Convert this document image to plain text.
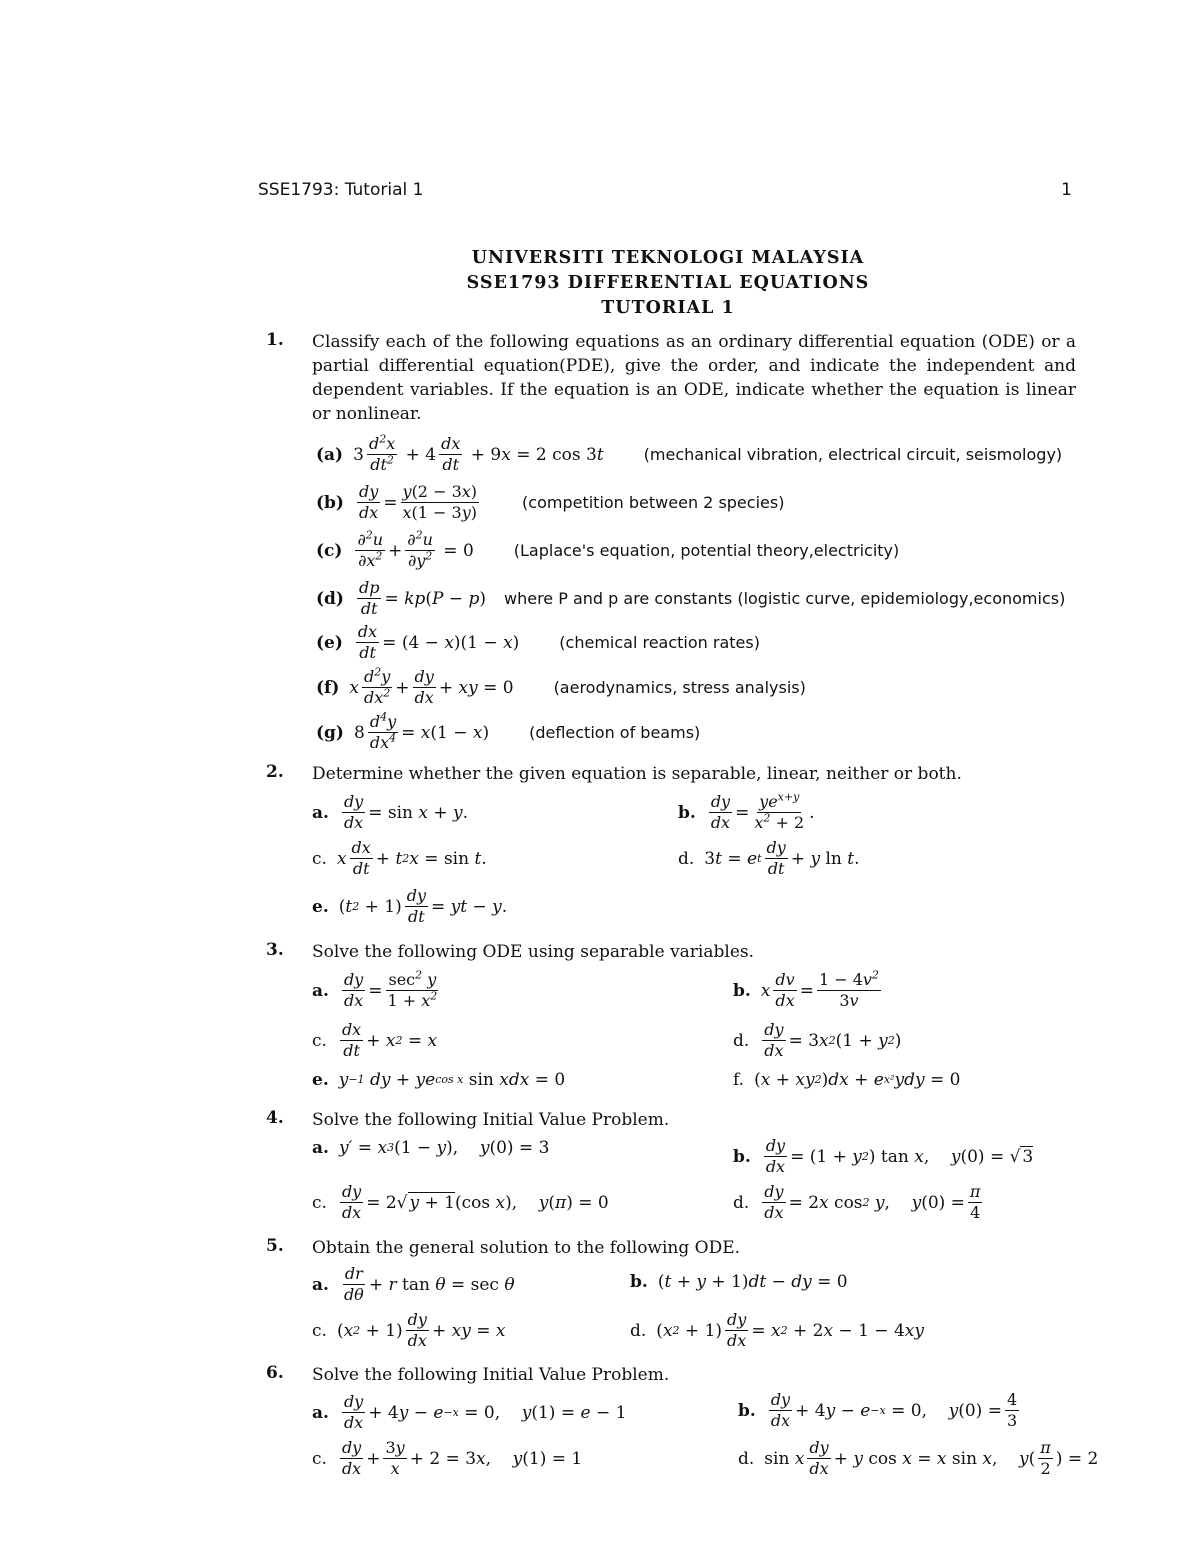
SSE1793: Tutorial 1	1
UNIVERSITI TEKNOLOGI MALAYSIA
SSE1793 DIFFERENTIAL EQUATIONS
TUTORIAL 1
1. Classify each of the following equations as an ordinary differential equation (ODE) or a partial differential equation(PDE), give the order, and indicate the independent and dependent variables. If the equation is an ODE, indicate whether the equation is linear or nonlinear.
(a) $3 \frac{d^2x}{dt^2} + 4 \frac{dx}{dt} + 9$ x = 2 cos 3 t	(mechanical vibration, electrical circuit, seismology)
$(b) \frac{dy}{dx} = \frac{y(2 - 3x)}{x(1 - 3y)}$	(competition between 2 species)
$(c) \frac{\partial^2u}{\partial x^2} + \frac{\partial^2u}{\partial y^2} = 0$	(Laplace's equation, potential theory,electricity)
$(d) \frac{dp}{dt}$ = kp ( P − p ) where P and p are constants (logistic curve, epidemiology,economics)
$(e) \frac{dx}{dt} = (4 - x$ )(1 − x )	(chemical reaction rates)
(f) x $\frac{d^2y}{dx^2} + \frac{dy}{dx}$ + xy = 0	(aerodynamics, stress analysis)
(g) $8 \frac{d^4y}{dx^4} = x$ (1 − x )	(deflection of beams)
2. Determine whether the given equation is separable, linear, neither or both.
a. $\frac{dy}{dx} = \sin x + y$ .	b. $\frac{dy}{dx} = \frac{ye^{x+y}}{x^2 + 2}$ .
c. x $\frac{dx}{dt} + t$ 2 x = sin t .	d. 3 t = e t $\frac{dy}{dt} + y$ ln t .
e. ( t $2 + 1) \frac{dy}{dt}$ = yt − y .
3. Solve the following ODE using separable variables.
a. $\frac{dy}{dx} = \frac{\sec^2 y}{1 + x^2}$	b. x $\frac{dv}{dx} = \frac{1 - 4v^2}{3v}$
c. $\frac{dx}{dt} + x$ 2 = x	d. $\frac{dy}{dx} = 3$ x 2 (1 + y 2 )
e. y −1 dy + ye cos x sin xdx = 0	f. ( x + xy 2 ) dx + e x² ydy = 0
4. Solve the following Initial Value Problem.
a. y′ = x 3 (1 − y ), y (0) = 3	b. $\frac{dy}{dx} = (1 + y$ 2 ) tan x , y (0) = √ 3
c. $\frac{dy}{dx} = 2√$ y + 1(cos x ), y ( π ) = 0	d. $\frac{dy}{dx} = 2$ x cos 2 y , y $(0) = \frac{\pi}{4}$
5. Obtain the general solution to the following ODE.
a. $\frac{dr}{d\theta} + r$ tan θ = sec θ	b. ( t + y + 1) dt − dy = 0
c. ( x $2 + 1) \frac{dy}{dx}$ + xy = x	d. ( x $2 + 1) \frac{dy}{dx} = x$ 2 + 2 x − 1 − 4 xy
6. Solve the following Initial Value Problem.
a. $\frac{dy}{dx} + 4$ y − e −x = 0, y (1) = e − 1	b. $\frac{dy}{dx} + 4$ y − e −x = 0, y $(0) = \frac{4}{3}$
c. $\frac{dy}{dx} + \frac{3y}{x} + 2 = 3$ x , y (1) = 1	d. sin x $\frac{dy}{dx} + y$ cos x = x sin x , y ( $\frac{\pi}{2}$ ) = 2
